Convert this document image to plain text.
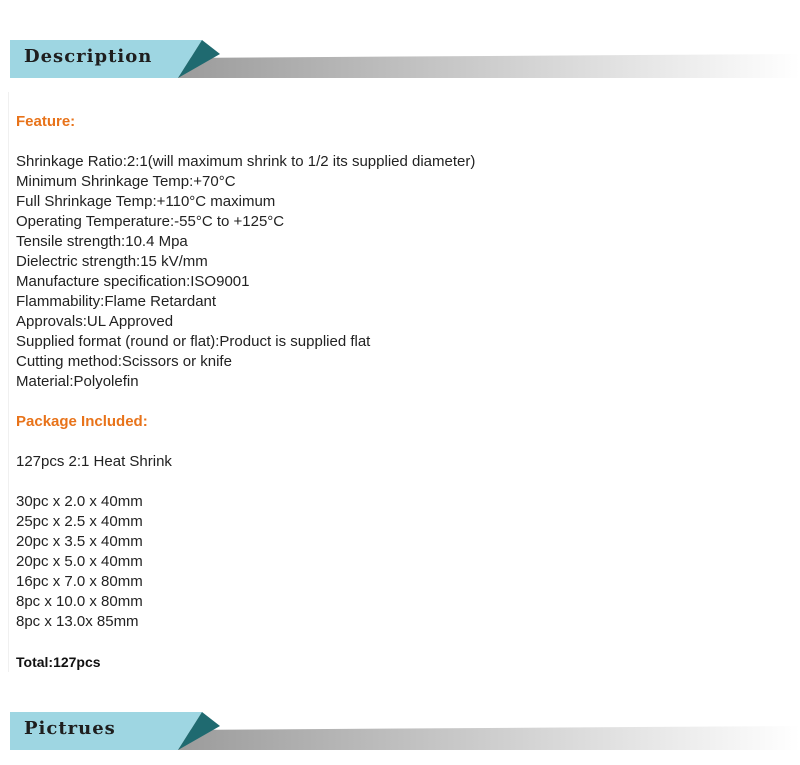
Description
Feature:
Shrinkage Ratio:2:1(will maximum shrink to 1/2 its supplied diameter)
Minimum Shrinkage Temp:+70°C
Full Shrinkage Temp:+110°C maximum
Operating Temperature:-55°C to +125°C
Tensile strength:10.4 Mpa
Dielectric strength:15 kV/mm
Manufacture specification:ISO9001
Flammability:Flame Retardant
Approvals:UL Approved
Supplied format (round or flat):Product is supplied flat
Cutting method:Scissors or knife
Material:Polyolefin
Package Included:
127pcs 2:1 Heat Shrink
30pc x 2.0 x 40mm
25pc x 2.5 x 40mm
20pc x 3.5 x 40mm
20pc x 5.0 x 40mm
16pc x 7.0 x 80mm
8pc x 10.0 x 80mm
8pc x 13.0x 85mm
Total:127pcs
Pictrues
